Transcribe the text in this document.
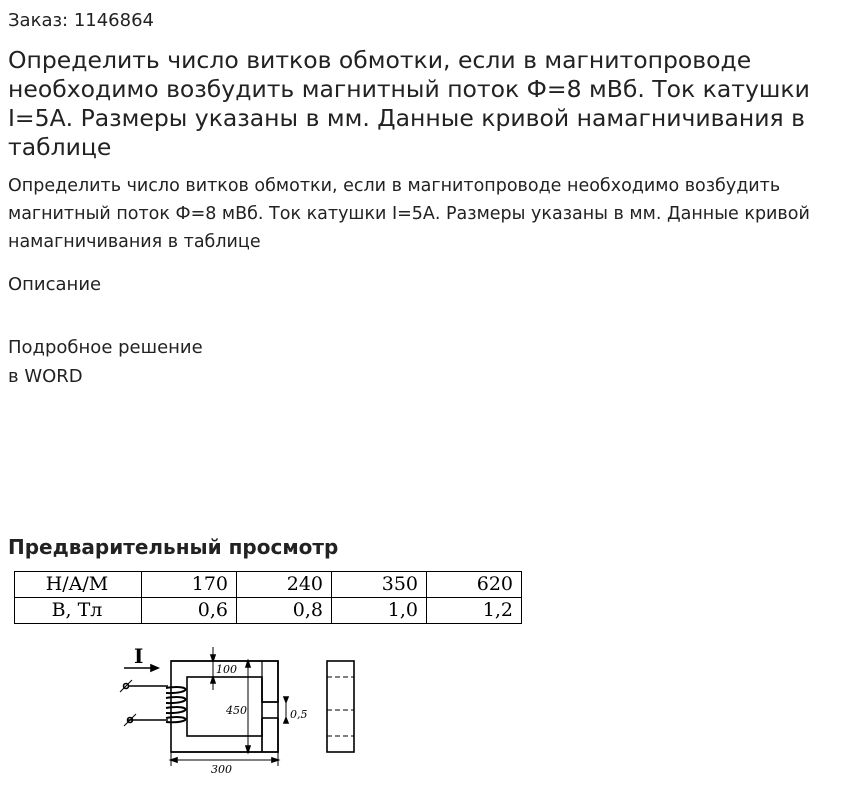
Заказ: 1146864
Определить число витков обмотки, если в магнитопроводе необходимо возбудить магнитный поток Ф=8 мВб. Ток катушки I=5А. Размеры указаны в мм. Данные кривой намагничивания в таблице

Определить число витков обмотки, если в магнитопроводе необходимо возбудить магнитный поток Ф=8 мВб. Ток катушки I=5А. Размеры указаны в мм. Данные кривой намагничивания в таблице

Описание
Подробное решение
в WORD
Предварительный просмотр
H/A/M	170	240	350	620
B, Тл	0,6	0,8	1,0	1,2
I
100
450	0,5
300
